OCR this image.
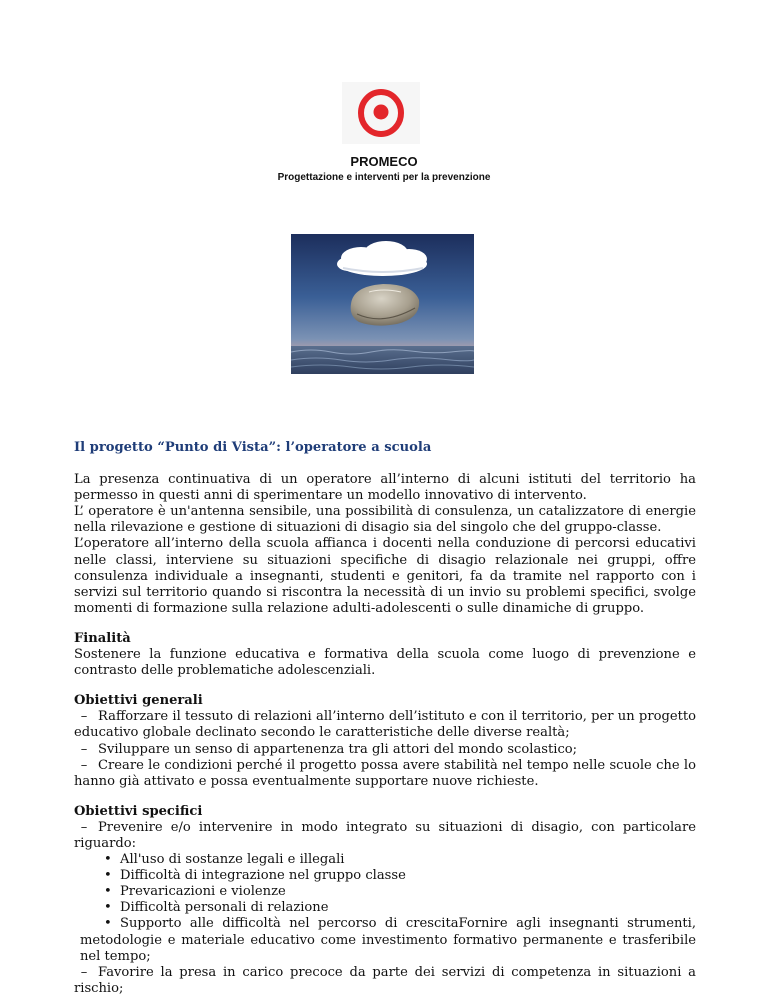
PROMECO
Progettazione e interventi per la prevenzione
Il progetto “Punto di Vista”: l’operatore a scuola
La presenza continuativa di un operatore all’interno di alcuni istituti del territorio ha permesso in questi anni di sperimentare un modello innovativo di intervento.
L’ operatore è un'antenna sensibile, una possibilità di consulenza, un catalizzatore di energie nella rilevazione e gestione di situazioni di disagio sia del singolo che del gruppo-classe.
L’operatore all’interno della scuola affianca i docenti nella conduzione di percorsi educativi nelle classi, interviene su situazioni specifiche di disagio relazionale nei gruppi, offre consulenza individuale a insegnanti, studenti e genitori, fa da tramite nel rapporto con i servizi sul territorio quando si riscontra la necessità di un invio su problemi specifici, svolge momenti di formazione sulla relazione adulti-adolescenti o sulle dinamiche di gruppo.
Finalità
Sostenere la funzione educativa e formativa della scuola come luogo di prevenzione e contrasto delle problematiche adolescenziali.
Obiettivi generali
– Rafforzare il tessuto di relazioni all’interno dell’istituto e con il territorio, per un progetto educativo globale declinato secondo le caratteristiche delle diverse realtà;
– Sviluppare un senso di appartenenza tra gli attori del mondo scolastico;
– Creare le condizioni perché il progetto possa avere stabilità nel tempo nelle scuole che lo hanno già attivato e possa eventualmente supportare nuove richieste.
Obiettivi specifici
– Prevenire e/o intervenire in modo integrato su situazioni di disagio, con particolare riguardo:
• All'uso di sostanze legali e illegali
• Difficoltà di integrazione nel gruppo classe
• Prevaricazioni e violenze
• Difficoltà personali di relazione
• Supporto alle difficoltà nel percorso di crescitaFornire agli insegnanti strumenti, metodologie e materiale educativo come investimento formativo permanente e trasferibile nel tempo;
– Favorire la presa in carico precoce da parte dei servizi di competenza in situazioni a rischio;
